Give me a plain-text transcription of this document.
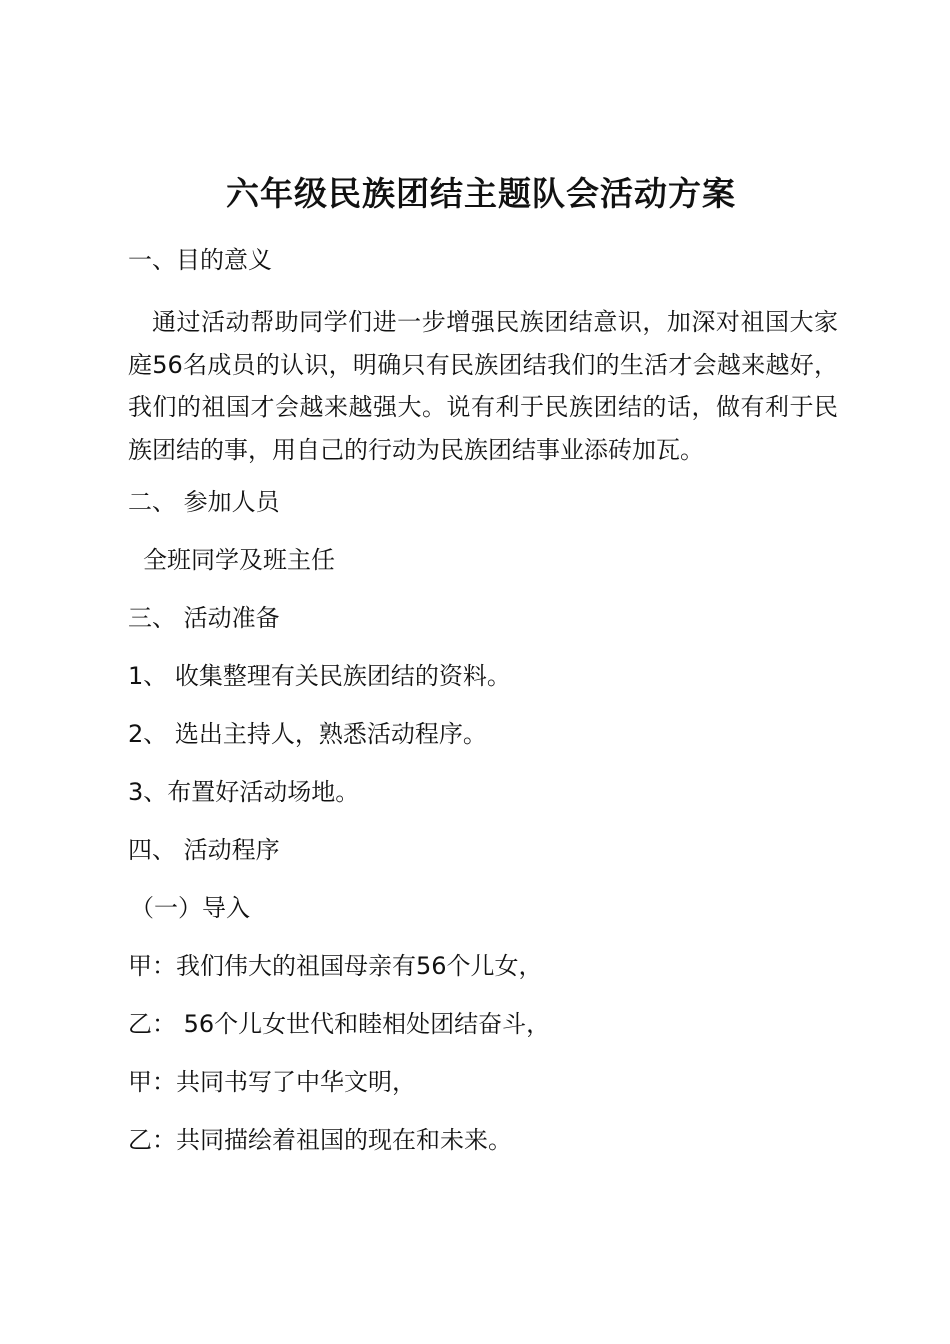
六年级民族团结主题队会活动方案

一、目的意义

通过活动帮助同学们进一步增强民族团结意识，加深对祖国大家庭56名成员的认识，明确只有民族团结我们的生活才会越来越好，我们的祖国才会越来越强大。说有利于民族团结的话，做有利于民族团结的事，用自己的行动为民族团结事业添砖加瓦。

二、 参加人员

全班同学及班主任

三、 活动准备

1、 收集整理有关民族团结的资料。

2、 选出主持人，熟悉活动程序。

3、布置好活动场地。

四、 活动程序

（一）导入

甲：我们伟大的祖国母亲有56个儿女，

乙： 56个儿女世代和睦相处团结奋斗，

甲：共同书写了中华文明，

乙：共同描绘着祖国的现在和未来。
